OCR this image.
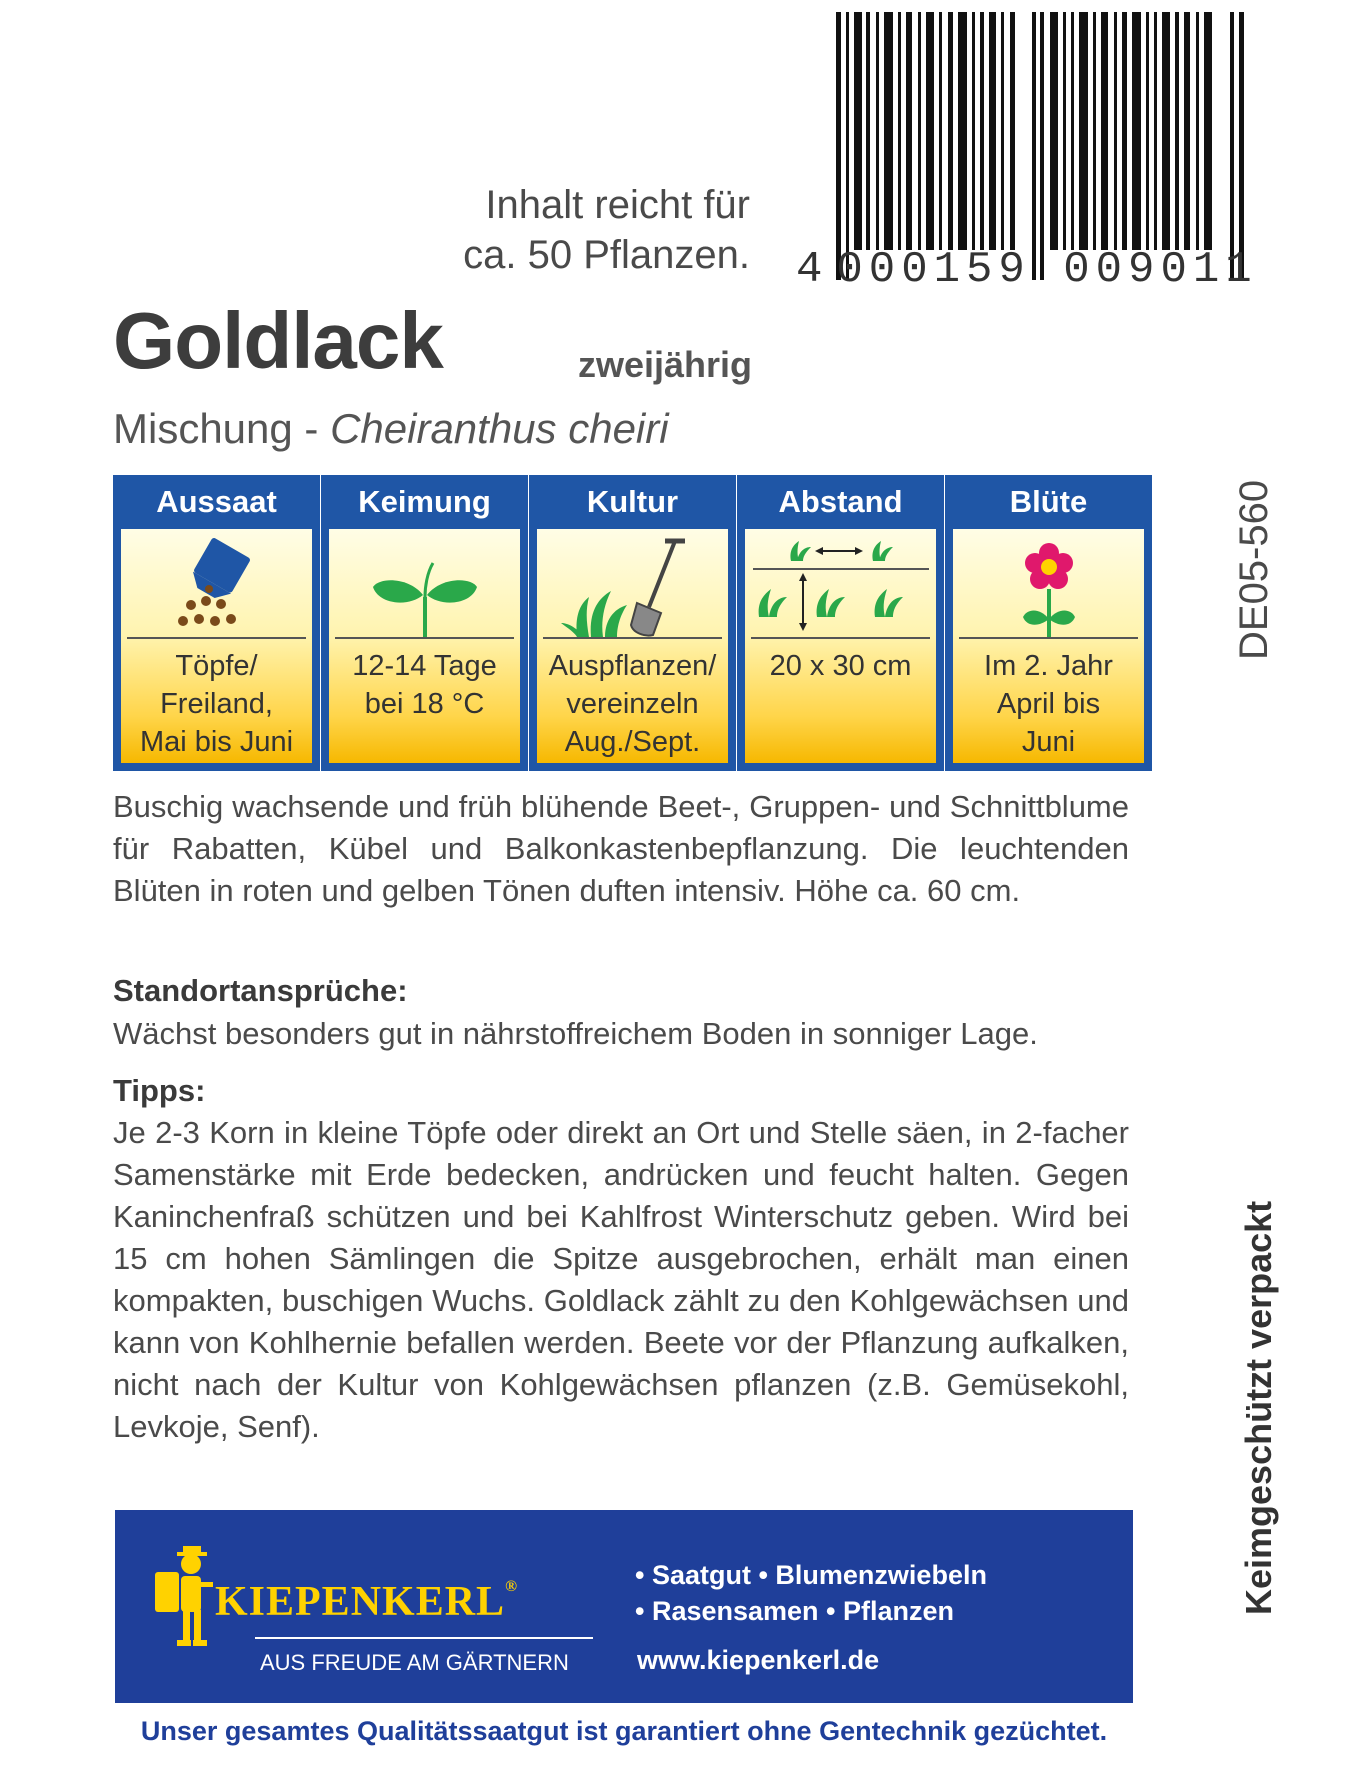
4 000159 009011
Inhalt reicht für
ca. 50 Pflanzen.
Goldlack	zweijährig
Mischung - Cheiranthus cheiri
DE05-560
Keimgeschützt verpackt
Aussaat
Töpfe/
Freiland,
Mai bis Juni
Keimung
12-14 Tage
bei 18 °C
Kultur
Auspflanzen/
vereinzeln
Aug./Sept.
Abstand
20 x 30 cm
Blüte
Im 2. Jahr
April bis
Juni
Buschig wachsende und früh blühende Beet-, Gruppen- und Schnittblume für Rabatten, Kübel und Balkonkastenbepflanzung. Die leuchtenden Blüten in roten und gelben Tönen duften intensiv. Höhe ca. 60 cm.
Standortansprüche:
Wächst besonders gut in nährstoffreichem Boden in sonniger Lage.
Tipps:
Je 2-3 Korn in kleine Töpfe oder direkt an Ort und Stelle säen, in 2-facher Samenstärke mit Erde bedecken, andrücken und feucht halten. Gegen Kaninchenfraß schützen und bei Kahlfrost Winterschutz geben. Wird bei 15 cm hohen Sämlingen die Spitze ausgebrochen, erhält man einen kompakten, buschigen Wuchs. Goldlack zählt zu den Kohlgewächsen und kann von Kohlhernie befallen werden. Beete vor der Pflanzung aufkalken, nicht nach der Kultur von Kohlgewächsen pflanzen (z.B. Gemüsekohl, Levkoje, Senf).
KIEPENKERL®
AUS FREUDE AM GÄRTNERN
• Saatgut • Blumenzwiebeln
• Rasensamen • Pflanzen
www.kiepenkerl.de
Unser gesamtes Qualitätssaatgut ist garantiert ohne Gentechnik gezüchtet.
